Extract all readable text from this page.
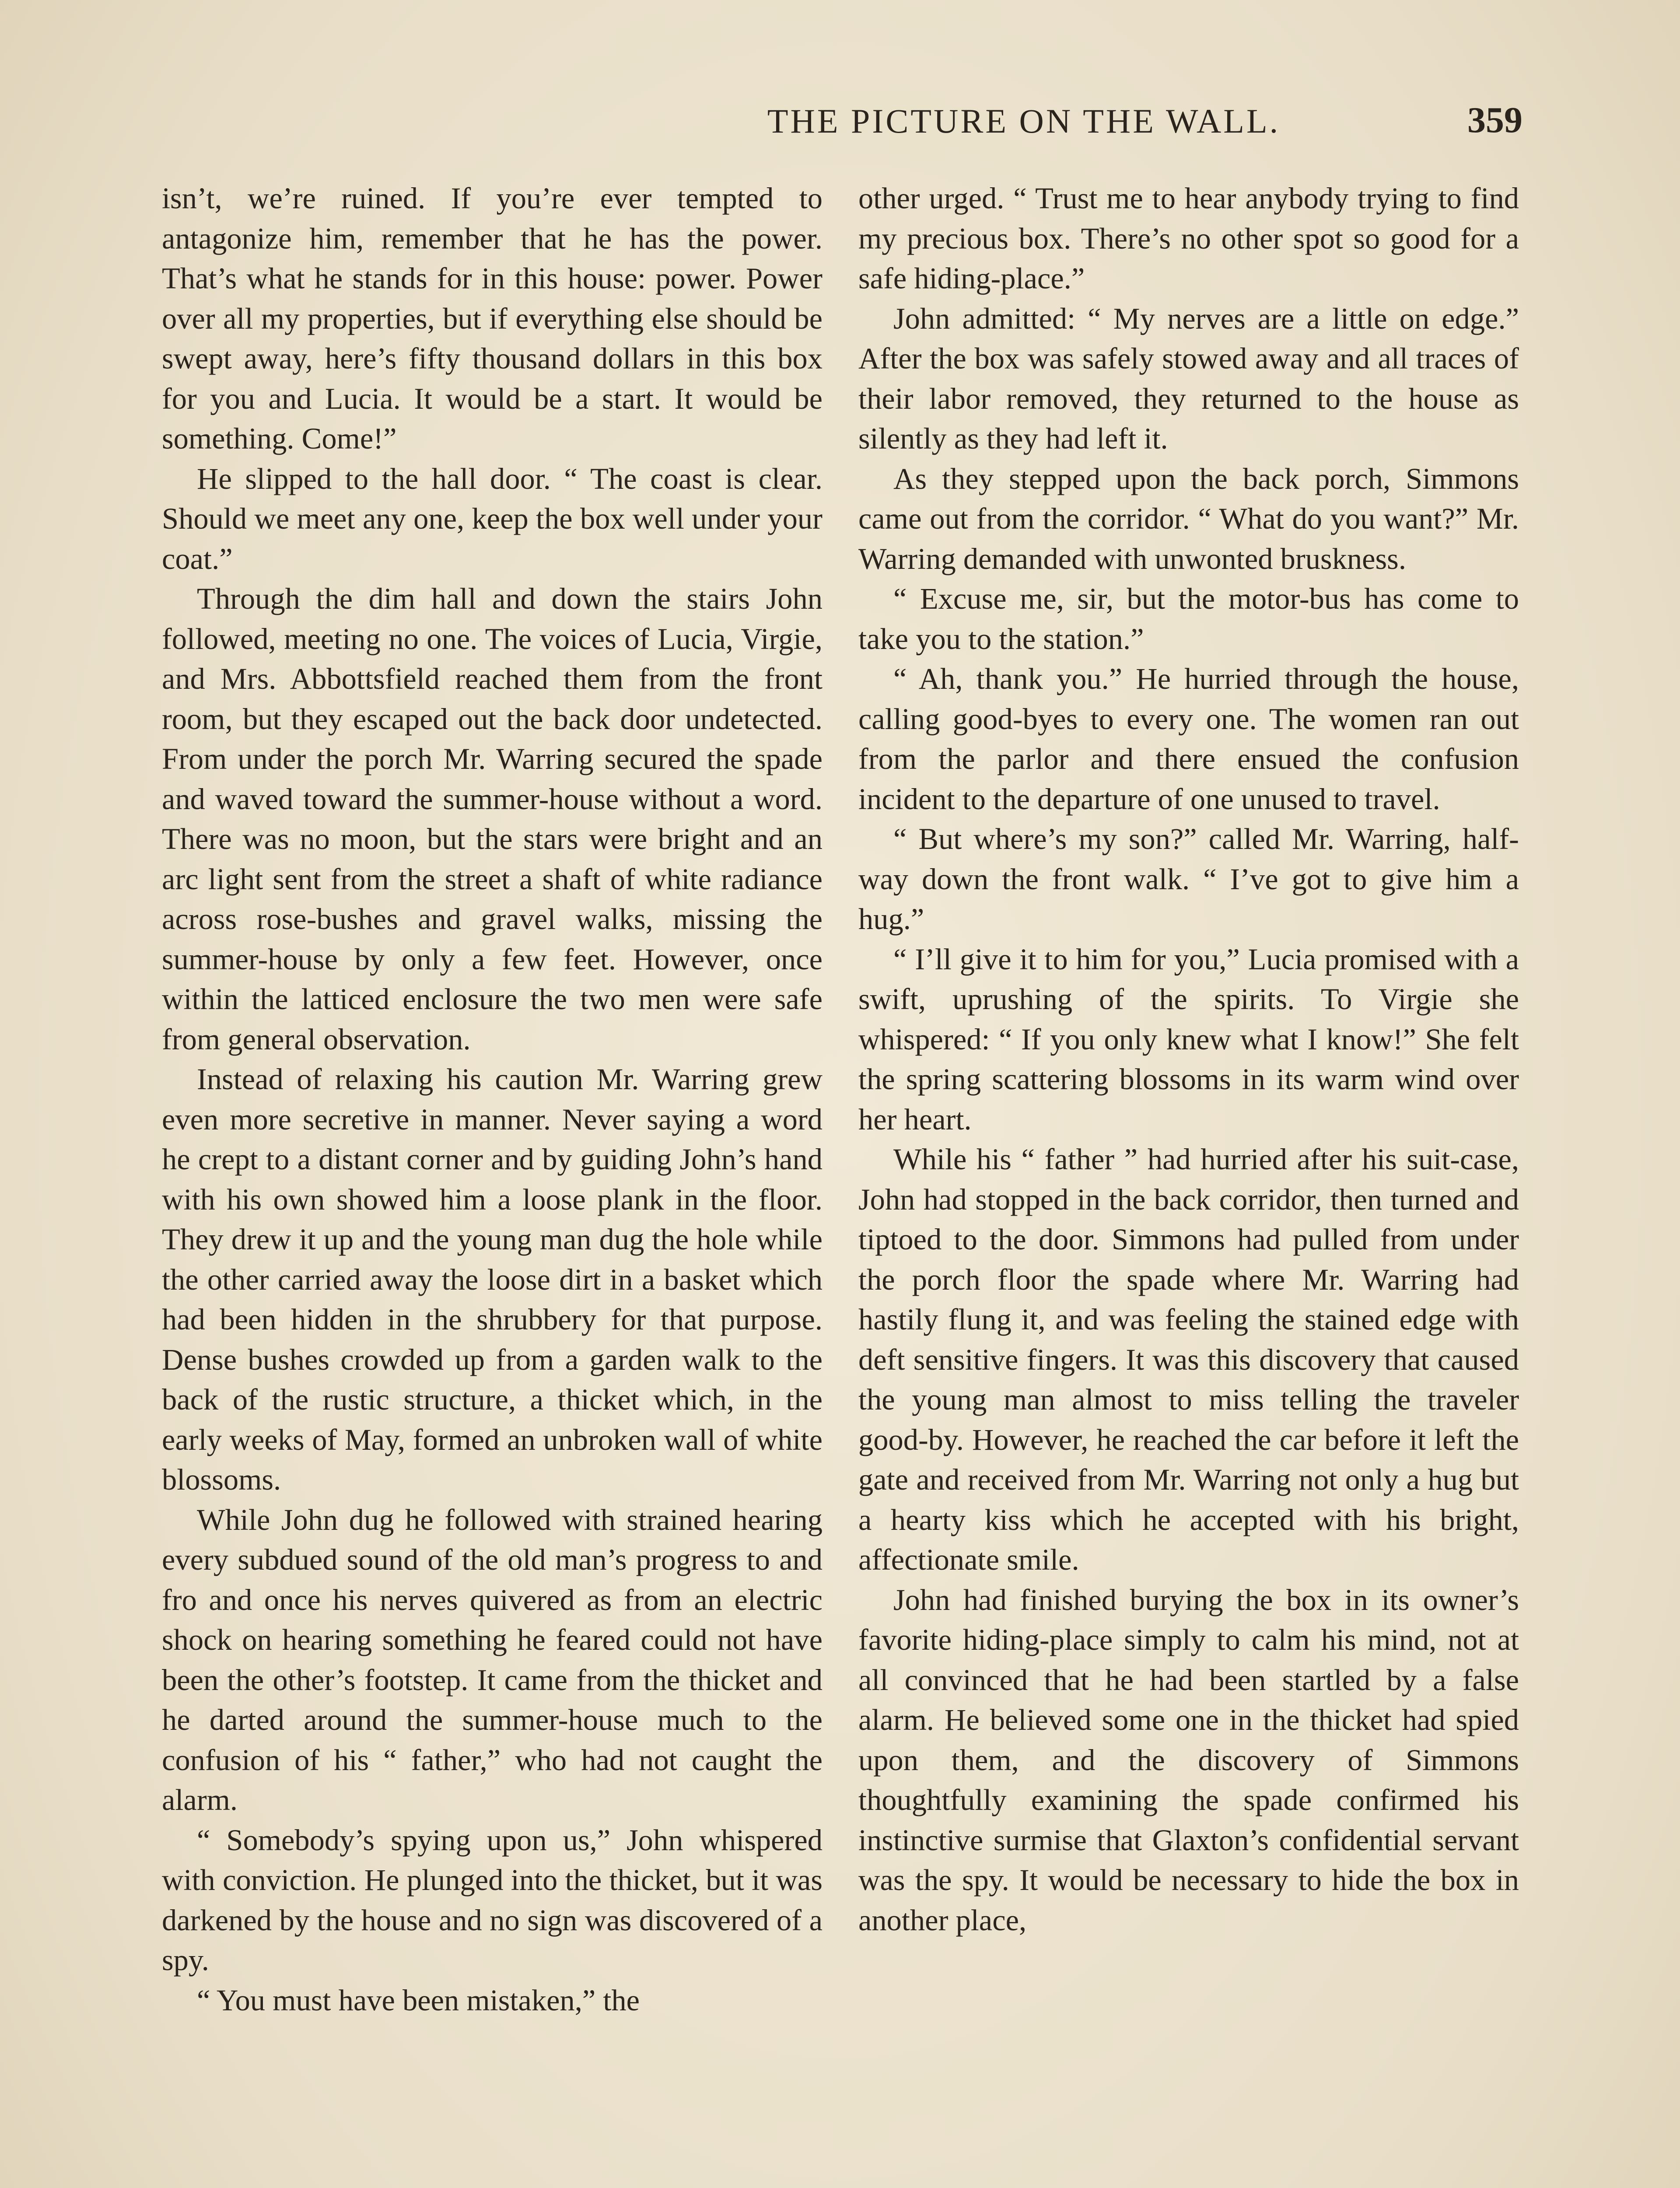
THE PICTURE ON THE WALL.	359

isn’t, we’re ruined. If you’re ever tempted to antagonize him, remember that he has the power. That’s what he stands for in this house: power. Power over all my properties, but if everything else should be swept away, here’s fifty thousand dollars in this box for you and Lucia. It would be a start. It would be something. Come!”

He slipped to the hall door. “ The coast is clear. Should we meet any one, keep the box well under your coat.”

Through the dim hall and down the stairs John followed, meeting no one. The voices of Lucia, Virgie, and Mrs. Abbottsfield reached them from the front room, but they escaped out the back door undetected. From under the porch Mr. Warring secured the spade and waved toward the summer-house without a word. There was no moon, but the stars were bright and an arc light sent from the street a shaft of white radiance across rose-bushes and gravel walks, missing the summer-house by only a few feet. However, once within the latticed enclosure the two men were safe from general observation.

Instead of relaxing his caution Mr. Warring grew even more secretive in manner. Never saying a word he crept to a distant corner and by guiding John’s hand with his own showed him a loose plank in the floor. They drew it up and the young man dug the hole while the other carried away the loose dirt in a basket which had been hidden in the shrubbery for that purpose. Dense bushes crowded up from a garden walk to the back of the rustic structure, a thicket which, in the early weeks of May, formed an unbroken wall of white blossoms.

While John dug he followed with strained hearing every subdued sound of the old man’s progress to and fro and once his nerves quivered as from an electric shock on hearing something he feared could not have been the other’s footstep. It came from the thicket and he darted around the summer-house much to the confusion of his “ father,” who had not caught the alarm.

“ Somebody’s spying upon us,” John whispered with conviction. He plunged into the thicket, but it was darkened by the house and no sign was discovered of a spy.

“ You must have been mistaken,” the

other urged. “ Trust me to hear anybody trying to find my precious box. There’s no other spot so good for a safe hiding-place.”

John admitted: “ My nerves are a little on edge.” After the box was safely stowed away and all traces of their labor removed, they returned to the house as silently as they had left it.

As they stepped upon the back porch, Simmons came out from the corridor. “ What do you want?” Mr. Warring demanded with unwonted bruskness.

“ Excuse me, sir, but the motor-bus has come to take you to the station.”

“ Ah, thank you.” He hurried through the house, calling good-byes to every one. The women ran out from the parlor and there ensued the confusion incident to the departure of one unused to travel.

“ But where’s my son?” called Mr. Warring, half-way down the front walk. “ I’ve got to give him a hug.”

“ I’ll give it to him for you,” Lucia promised with a swift, uprushing of the spirits. To Virgie she whispered: “ If you only knew what I know!” She felt the spring scattering blossoms in its warm wind over her heart.

While his “ father ” had hurried after his suit-case, John had stopped in the back corridor, then turned and tiptoed to the door. Simmons had pulled from under the porch floor the spade where Mr. Warring had hastily flung it, and was feeling the stained edge with deft sensitive fingers. It was this discovery that caused the young man almost to miss telling the traveler good-by. However, he reached the car before it left the gate and received from Mr. Warring not only a hug but a hearty kiss which he accepted with his bright, affectionate smile.

John had finished burying the box in its owner’s favorite hiding-place simply to calm his mind, not at all convinced that he had been startled by a false alarm. He believed some one in the thicket had spied upon them, and the discovery of Simmons thoughtfully examining the spade confirmed his instinctive surmise that Glaxton’s confidential servant was the spy. It would be necessary to hide the box in another place,
